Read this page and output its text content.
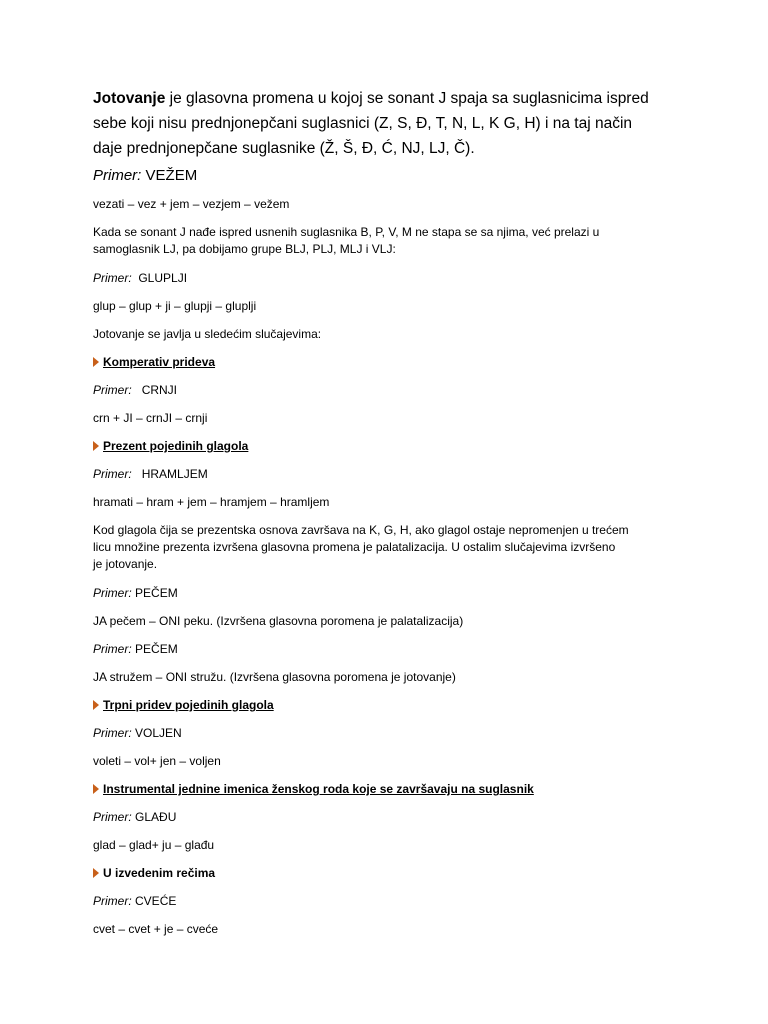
Jotovanje je glasovna promena u kojoj se sonant J spaja sa suglasnicima ispred
sebe koji nisu prednjonepčani suglasnici (Z, S, Đ, T, N, L, K G, H) i na taj način
daje prednjonepčane suglasnike (Ž, Š, Đ, Ć, NJ, LJ, Č).

Primer: VEŽEM

vezati – vez + jem – vezjem – vežem

Kada se sonant J nađe ispred usnenih suglasnika B, P, V, M ne stapa se sa njima, već prelazi u
samoglasnik LJ, pa dobijamo grupe BLJ, PLJ, MLJ i VLJ:

Primer: GLUPLJI

glup – glup + ji – glupji – gluplji

Jotovanje se javlja u sledećim slučajevima:

Komperativ prideva

Primer: CRNJI

crn + JI – crnJI – crnji

Prezent pojedinih glagola

Primer: HRAMLJEM

hramati – hram + jem – hramjem – hramljem

Kod glagola čija se prezentska osnova završava na K, G, H, ako glagol ostaje nepromenjen u trećem
licu množine prezenta izvršena glasovna promena je palatalizacija. U ostalim slučajevima izvršeno
je jotovanje.

Primer: PEČEM

JA pečem – ONI peku. (Izvršena glasovna poromena je palatalizacija)

Primer: PEČEM

JA stružem – ONI stružu. (Izvršena glasovna poromena je jotovanje)

Trpni pridev pojedinih glagola

Primer: VOLJEN

voleti – vol+ jen – voljen

Instrumental jednine imenica ženskog roda koje se završavaju na suglasnik

Primer: GLAĐU

glad – glad+ ju – glađu

U izvedenim rečima

Primer: CVEĆE

cvet – cvet + je – cveće
